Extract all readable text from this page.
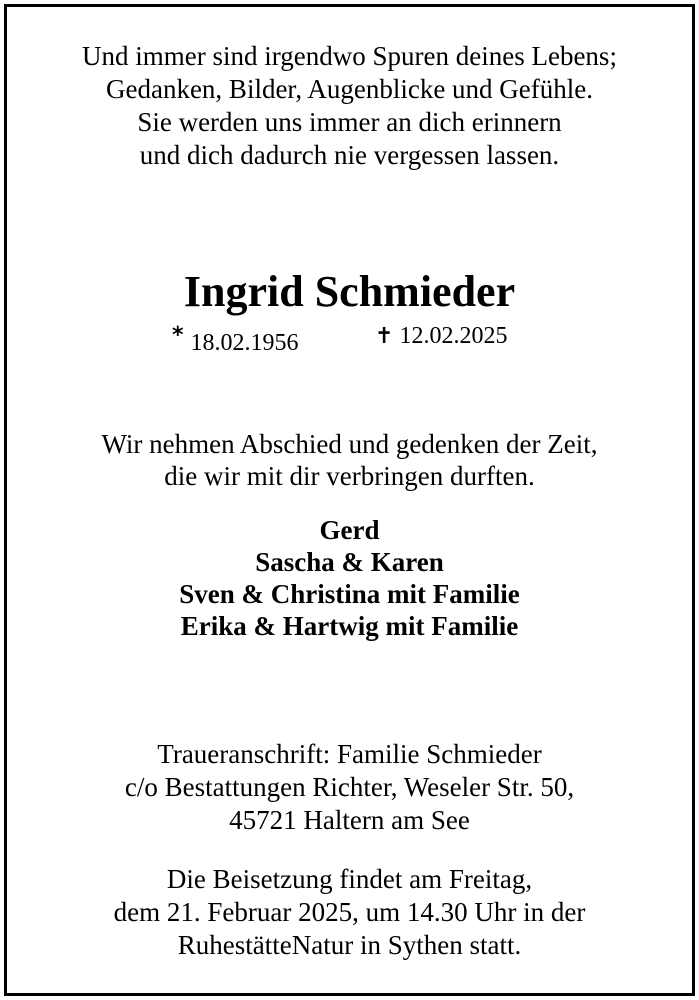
Und immer sind irgendwo Spuren deines Lebens;
Gedanken, Bilder, Augenblicke und Gefühle.
Sie werden uns immer an dich erinnern
und dich dadurch nie vergessen lassen.
Ingrid Schmieder
* 18.02.1956	✝ 12.02.2025
Wir nehmen Abschied und gedenken der Zeit,
die wir mit dir verbringen durften.
Gerd
Sascha & Karen
Sven & Christina mit Familie
Erika & Hartwig mit Familie
Traueranschrift: Familie Schmieder
c/o Bestattungen Richter, Weseler Str. 50,
45721 Haltern am See
Die Beisetzung findet am Freitag,
dem 21. Februar 2025, um 14.30 Uhr in der
RuhestätteNatur in Sythen statt.
